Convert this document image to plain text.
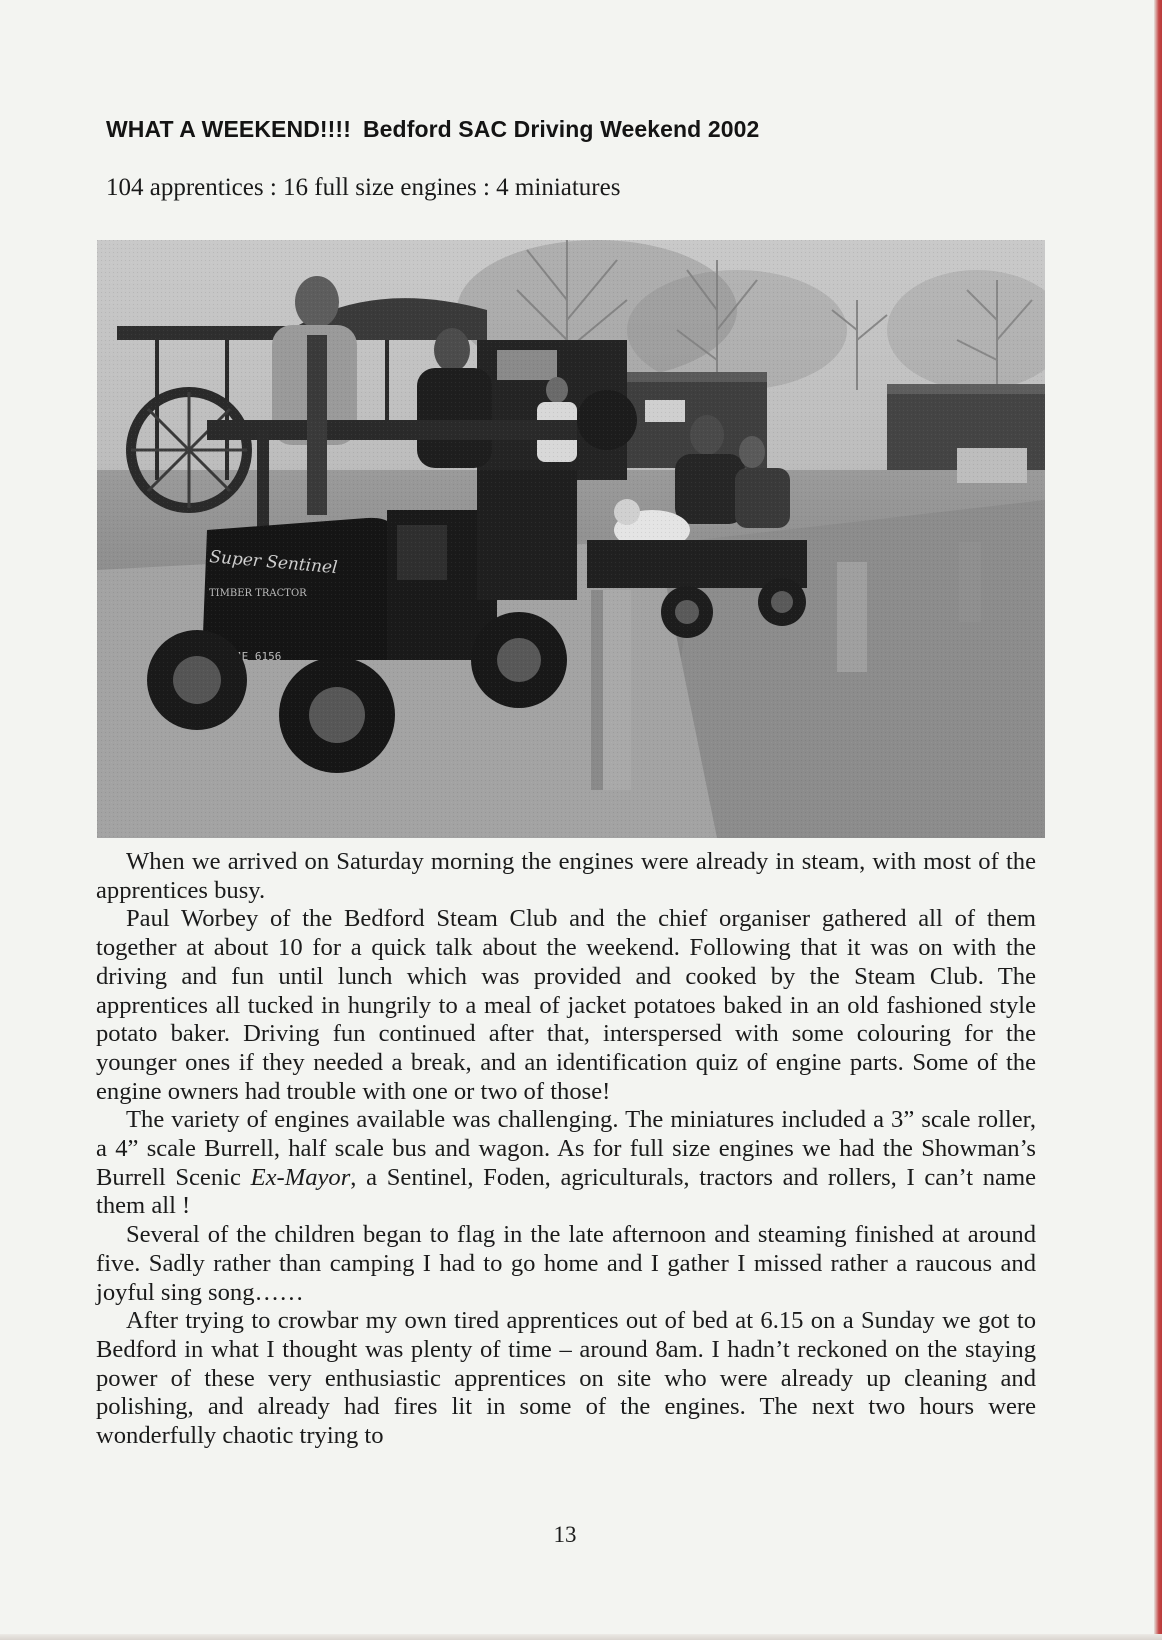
WHAT A WEEKEND!!!! Bedford SAC Driving Weekend 2002
104 apprentices : 16 full size engines : 4 miniatures

When we arrived on Saturday morning the engines were already in steam, with most of the apprentices busy.

Paul Worbey of the Bedford Steam Club and the chief organiser gathered all of them together at about 10 for a quick talk about the weekend. Following that it was on with the driving and fun until lunch which was provided and cooked by the Steam Club. The apprentices all tucked in hungrily to a meal of jacket potatoes baked in an old fashioned style potato baker. Driving fun continued after that, interspersed with some colouring for the younger ones if they needed a break, and an identification quiz of engine parts. Some of the engine owners had trouble with one or two of those!

The variety of engines available was challenging. The miniatures included a 3” scale roller, a 4” scale Burrell, half scale bus and wagon. As for full size engines we had the Showman’s Burrell Scenic Ex-Mayor, a Sentinel, Foden, agriculturals, tractors and rollers, I can’t name them all !

Several of the children began to flag in the late afternoon and steaming finished at around five. Sadly rather than camping I had to go home and I gather I missed rather a raucous and joyful sing song……

After trying to crowbar my own tired apprentices out of bed at 6.15 on a Sunday we got to Bedford in what I thought was plenty of time – around 8am. I hadn’t reckoned on the staying power of these very enthusiastic apprentices on site who were already up cleaning and polishing, and already had fires lit in some of the engines. The next two hours were wonderfully chaotic trying to

13
